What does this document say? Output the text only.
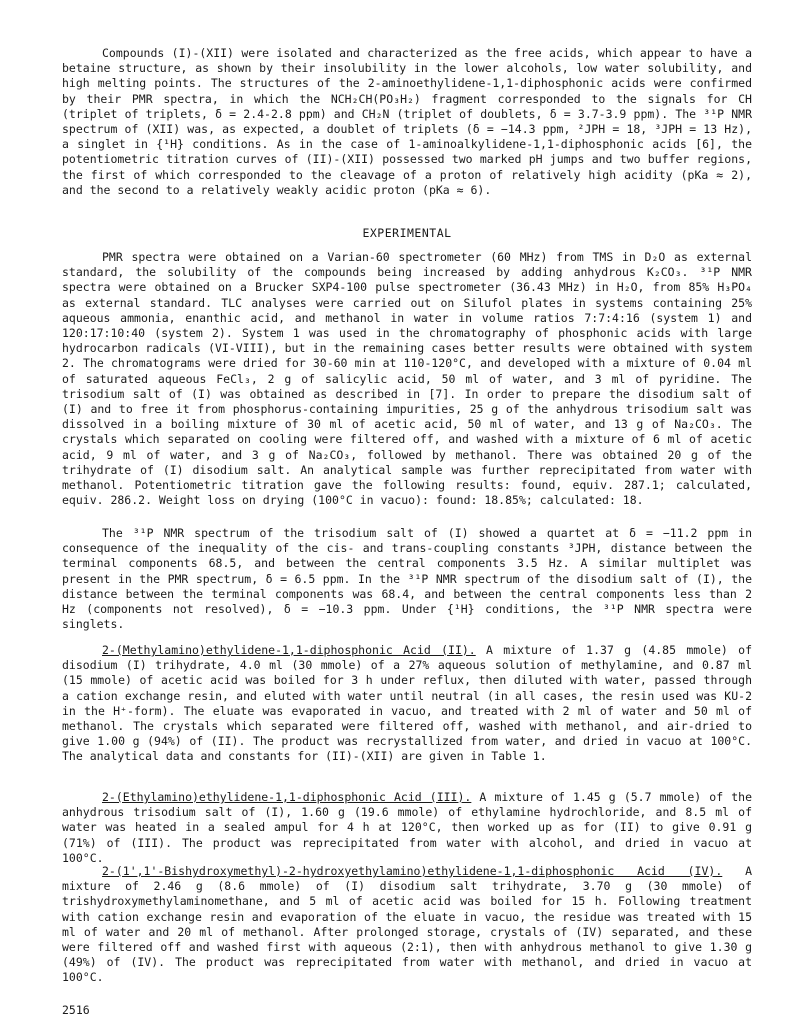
Compounds (I)-(XII) were isolated and characterized as the free acids, which appear to have a betaine structure, as shown by their insolubility in the lower alcohols, low water solubility, and high melting points. The structures of the 2-aminoethylidene-1,1-diphosphonic acids were confirmed by their PMR spectra, in which the NCH₂CH(PO₃H₂) fragment corresponded to the signals for CH (triplet of triplets, δ = 2.4-2.8 ppm) and CH₂N (triplet of doublets, δ = 3.7-3.9 ppm). The ³¹P NMR spectrum of (XII) was, as expected, a doublet of triplets (δ = −14.3 ppm, ²JPH = 18, ³JPH = 13 Hz), a singlet in {¹H} conditions. As in the case of 1-aminoalkylidene-1,1-diphosphonic acids [6], the potentiometric titration curves of (II)-(XII) possessed two marked pH jumps and two buffer regions, the first of which corresponded to the cleavage of a proton of relatively high acidity (pKa ≈ 2), and the second to a relatively weakly acidic proton (pKa ≈ 6).

EXPERIMENTAL

PMR spectra were obtained on a Varian-60 spectrometer (60 MHz) from TMS in D₂O as external standard, the solubility of the compounds being increased by adding anhydrous K₂CO₃. ³¹P NMR spectra were obtained on a Brucker SXP4-100 pulse spectrometer (36.43 MHz) in H₂O, from 85% H₃PO₄ as external standard. TLC analyses were carried out on Silufol plates in systems containing 25% aqueous ammonia, enanthic acid, and methanol in water in volume ratios 7:7:4:16 (system 1) and 120:17:10:40 (system 2). System 1 was used in the chromatography of phosphonic acids with large hydrocarbon radicals (VI-VIII), but in the remaining cases better results were obtained with system 2. The chromatograms were dried for 30-60 min at 110-120°C, and developed with a mixture of 0.04 ml of saturated aqueous FeCl₃, 2 g of salicylic acid, 50 ml of water, and 3 ml of pyridine. The trisodium salt of (I) was obtained as described in [7]. In order to prepare the disodium salt of (I) and to free it from phosphorus-containing impurities, 25 g of the anhydrous trisodium salt was dissolved in a boiling mixture of 30 ml of acetic acid, 50 ml of water, and 13 g of Na₂CO₃. The crystals which separated on cooling were filtered off, and washed with a mixture of 6 ml of acetic acid, 9 ml of water, and 3 g of Na₂CO₃, followed by methanol. There was obtained 20 g of the trihydrate of (I) disodium salt. An analytical sample was further reprecipitated from water with methanol. Potentiometric titration gave the following results: found, equiv. 287.1; calculated, equiv. 286.2. Weight loss on drying (100°C in vacuo): found: 18.85%; calculated: 18.

The ³¹P NMR spectrum of the trisodium salt of (I) showed a quartet at δ = −11.2 ppm in consequence of the inequality of the cis- and trans-coupling constants ³JPH, distance between the terminal components 68.5, and between the central components 3.5 Hz. A similar multiplet was present in the PMR spectrum, δ = 6.5 ppm. In the ³¹P NMR spectrum of the disodium salt of (I), the distance between the terminal components was 68.4, and between the central components less than 2 Hz (components not resolved), δ = −10.3 ppm. Under {¹H} conditions, the ³¹P NMR spectra were singlets.

2-(Methylamino)ethylidene-1,1-diphosphonic Acid (II). A mixture of 1.37 g (4.85 mmole) of disodium (I) trihydrate, 4.0 ml (30 mmole) of a 27% aqueous solution of methylamine, and 0.87 ml (15 mmole) of acetic acid was boiled for 3 h under reflux, then diluted with water, passed through a cation exchange resin, and eluted with water until neutral (in all cases, the resin used was KU-2 in the H⁺-form). The eluate was evaporated in vacuo, and treated with 2 ml of water and 50 ml of methanol. The crystals which separated were filtered off, washed with methanol, and air-dried to give 1.00 g (94%) of (II). The product was recrystallized from water, and dried in vacuo at 100°C. The analytical data and constants for (II)-(XII) are given in Table 1.

2-(Ethylamino)ethylidene-1,1-diphosphonic Acid (III). A mixture of 1.45 g (5.7 mmole) of the anhydrous trisodium salt of (I), 1.60 g (19.6 mmole) of ethylamine hydrochloride, and 8.5 ml of water was heated in a sealed ampul for 4 h at 120°C, then worked up as for (II) to give 0.91 g (71%) of (III). The product was reprecipitated from water with alcohol, and dried in vacuo at 100°C.

2-(1',1'-Bishydroxymethyl)-2-hydroxyethylamino)ethylidene-1,1-diphosphonic Acid (IV). A mixture of 2.46 g (8.6 mmole) of (I) disodium salt trihydrate, 3.70 g (30 mmole) of trishydroxymethylaminomethane, and 5 ml of acetic acid was boiled for 15 h. Following treatment with cation exchange resin and evaporation of the eluate in vacuo, the residue was treated with 15 ml of water and 20 ml of methanol. After prolonged storage, crystals of (IV) separated, and these were filtered off and washed first with aqueous (2:1), then with anhydrous methanol to give 1.30 g (49%) of (IV). The product was reprecipitated from water with methanol, and dried in vacuo at 100°C.

2516
